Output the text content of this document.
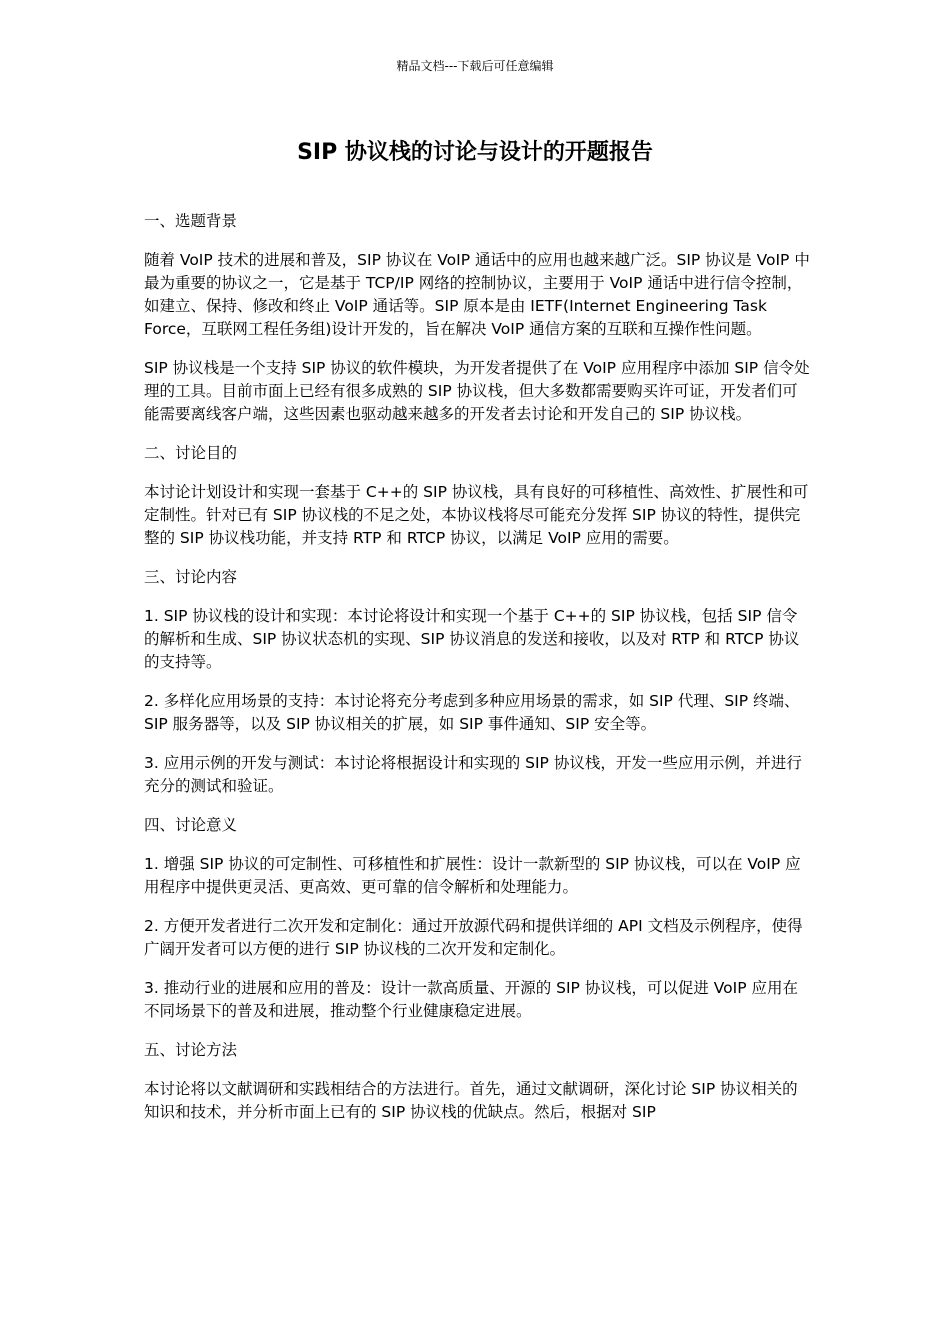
精品文档---下载后可任意编辑
SIP 协议栈的讨论与设计的开题报告
一、选题背景

随着 VoIP 技术的进展和普及，SIP 协议在 VoIP 通话中的应用也越来越广泛。SIP 协议是 VoIP 中最为重要的协议之一，它是基于 TCP/IP 网络的控制协议，主要用于 VoIP 通话中进行信令控制，如建立、保持、修改和终止 VoIP 通话等。SIP 原本是由 IETF(Internet Engineering Task Force，互联网工程任务组)设计开发的，旨在解决 VoIP 通信方案的互联和互操作性问题。

SIP 协议栈是一个支持 SIP 协议的软件模块，为开发者提供了在 VoIP 应用程序中添加 SIP 信令处理的工具。目前市面上已经有很多成熟的 SIP 协议栈，但大多数都需要购买许可证，开发者们可能需要离线客户端，这些因素也驱动越来越多的开发者去讨论和开发自己的 SIP 协议栈。

二、讨论目的

本讨论计划设计和实现一套基于 C++的 SIP 协议栈，具有良好的可移植性、高效性、扩展性和可定制性。针对已有 SIP 协议栈的不足之处，本协议栈将尽可能充分发挥 SIP 协议的特性，提供完整的 SIP 协议栈功能，并支持 RTP 和 RTCP 协议，以满足 VoIP 应用的需要。

三、讨论内容

1. SIP 协议栈的设计和实现：本讨论将设计和实现一个基于 C++的 SIP 协议栈，包括 SIP 信令的解析和生成、SIP 协议状态机的实现、SIP 协议消息的发送和接收，以及对 RTP 和 RTCP 协议的支持等。

2. 多样化应用场景的支持：本讨论将充分考虑到多种应用场景的需求，如 SIP 代理、SIP 终端、SIP 服务器等，以及 SIP 协议相关的扩展，如 SIP 事件通知、SIP 安全等。

3. 应用示例的开发与测试：本讨论将根据设计和实现的 SIP 协议栈，开发一些应用示例，并进行充分的测试和验证。

四、讨论意义

1. 增强 SIP 协议的可定制性、可移植性和扩展性：设计一款新型的 SIP 协议栈，可以在 VoIP 应用程序中提供更灵活、更高效、更可靠的信令解析和处理能力。

2. 方便开发者进行二次开发和定制化：通过开放源代码和提供详细的 API 文档及示例程序，使得广阔开发者可以方便的进行 SIP 协议栈的二次开发和定制化。

3. 推动行业的进展和应用的普及：设计一款高质量、开源的 SIP 协议栈，可以促进 VoIP 应用在不同场景下的普及和进展，推动整个行业健康稳定进展。

五、讨论方法

本讨论将以文献调研和实践相结合的方法进行。首先，通过文献调研，深化讨论 SIP 协议相关的知识和技术，并分析市面上已有的 SIP 协议栈的优缺点。然后，根据对 SIP
